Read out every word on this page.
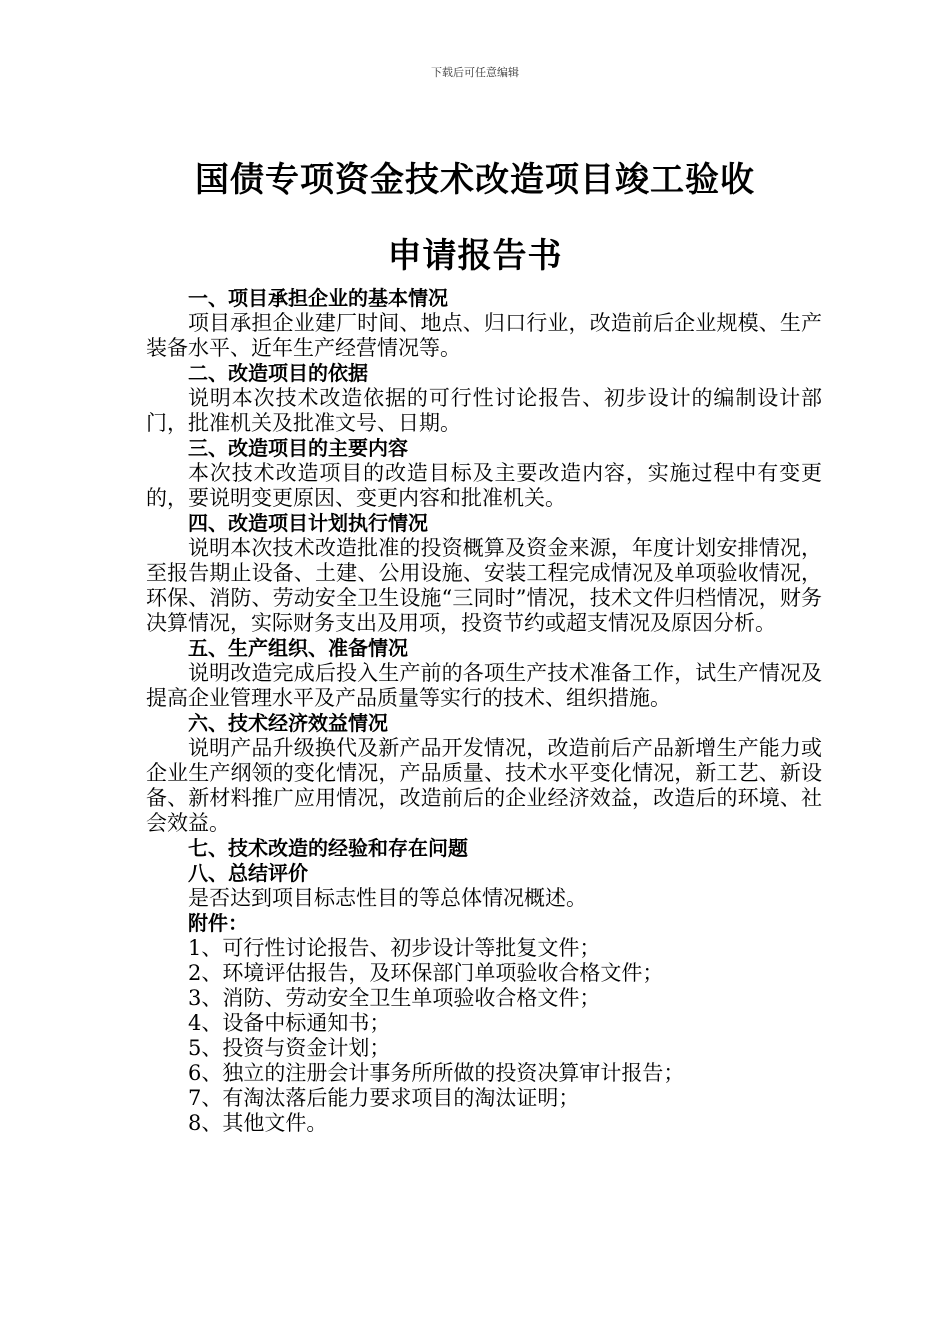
下载后可任意编辑
国债专项资金技术改造项目竣工验收
申请报告书

一、项目承担企业的基本情况

项目承担企业建厂时间、地点、归口行业，改造前后企业规模、生产装备水平、近年生产经营情况等。

二、改造项目的依据

说明本次技术改造依据的可行性讨论报告、初步设计的编制设计部门，批准机关及批准文号、日期。

三、改造项目的主要内容

本次技术改造项目的改造目标及主要改造内容，实施过程中有变更的，要说明变更原因、变更内容和批准机关。

四、改造项目计划执行情况

说明本次技术改造批准的投资概算及资金来源，年度计划安排情况，至报告期止设备、土建、公用设施、安装工程完成情况及单项验收情况，环保、消防、劳动安全卫生设施“三同时”情况，技术文件归档情况，财务决算情况，实际财务支出及用项，投资节约或超支情况及原因分析。

五、生产组织、准备情况

说明改造完成后投入生产前的各项生产技术准备工作，试生产情况及提高企业管理水平及产品质量等实行的技术、组织措施。

六、技术经济效益情况

说明产品升级换代及新产品开发情况，改造前后产品新增生产能力或企业生产纲领的变化情况，产品质量、技术水平变化情况，新工艺、新设备、新材料推广应用情况，改造前后的企业经济效益，改造后的环境、社会效益。

七、技术改造的经验和存在问题

八、总结评价

是否达到项目标志性目的等总体情况概述。

附件：

1、可行性讨论报告、初步设计等批复文件；

2、环境评估报告，及环保部门单项验收合格文件；

3、消防、劳动安全卫生单项验收合格文件；

4、设备中标通知书；

5、投资与资金计划；

6、独立的注册会计事务所所做的投资决算审计报告；

7、有淘汰落后能力要求项目的淘汰证明；

8、其他文件。
